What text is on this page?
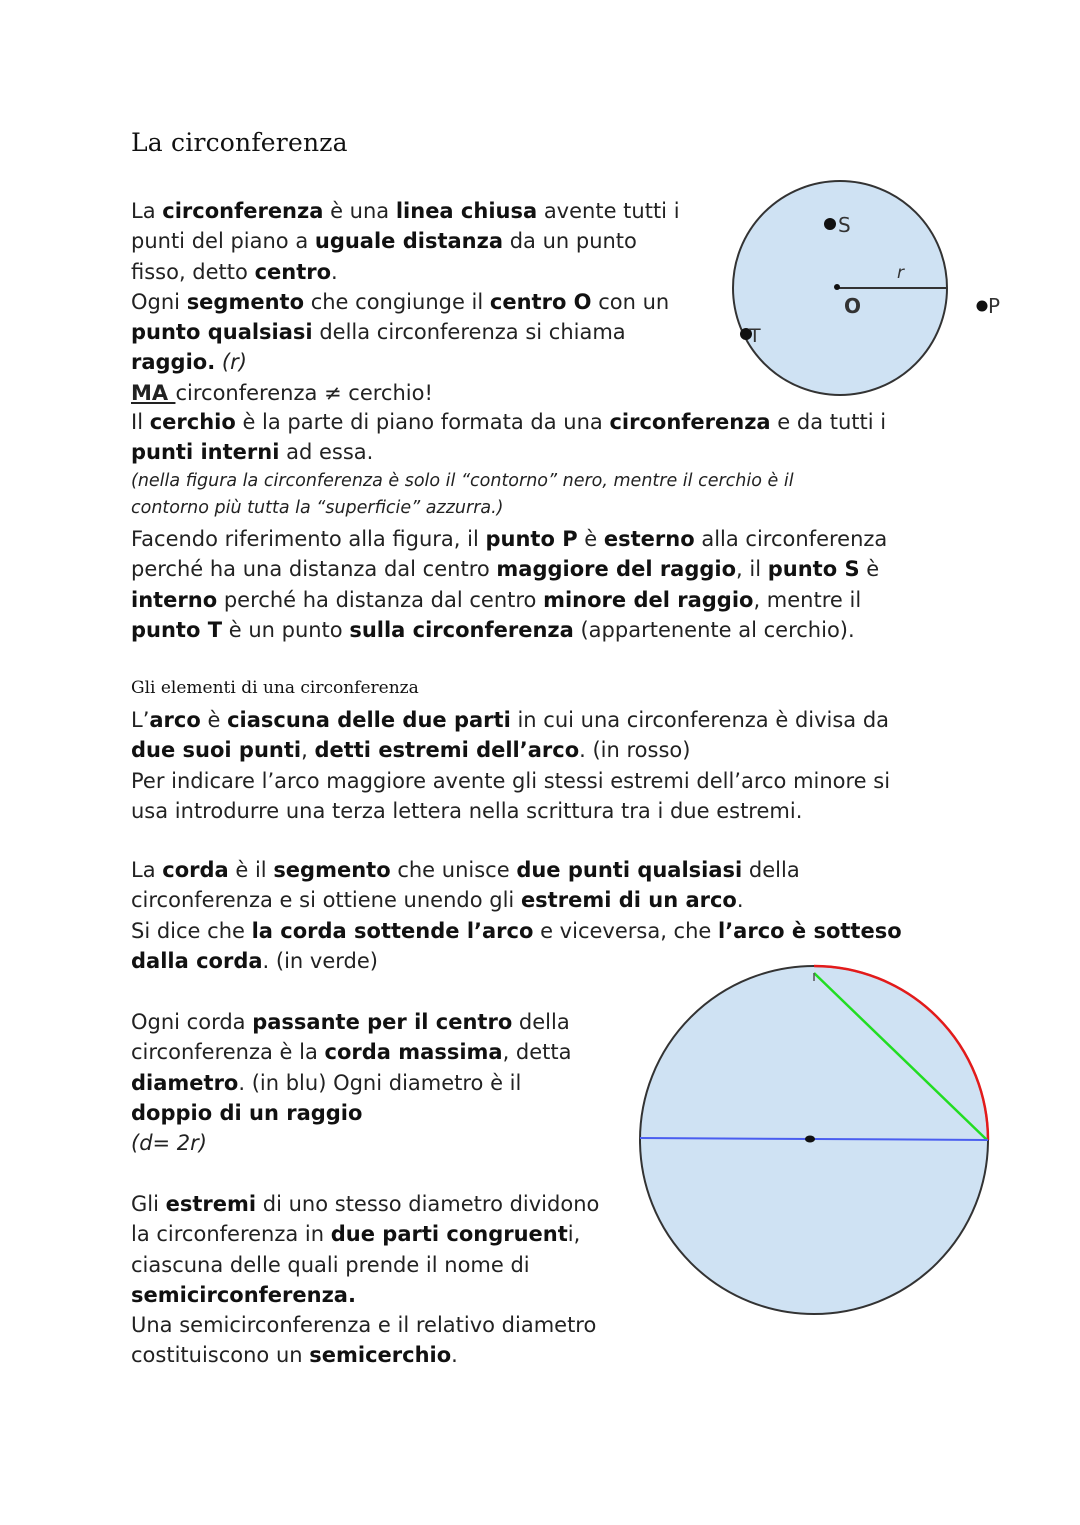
La circonferenza
La circonferenza è una linea chiusa avente tutti i
punti del piano a uguale distanza da un punto
fisso, detto centro.
Ogni segmento che congiunge il centro O con un
punto qualsiasi della circonferenza si chiama
raggio. (r)
MA circonferenza ≠ cerchio!
Il cerchio è la parte di piano formata da una circonferenza e da tutti i
punti interni ad essa.
(nella figura la circonferenza è solo il “contorno” nero, mentre il cerchio è il
contorno più tutta la “superficie” azzurra.)
Facendo riferimento alla figura, il punto P è esterno alla circonferenza
perché ha una distanza dal centro maggiore del raggio, il punto S è
interno perché ha distanza dal centro minore del raggio, mentre il
punto T è un punto sulla circonferenza (appartenente al cerchio).
Gli elementi di una circonferenza
L’arco è ciascuna delle due parti in cui una circonferenza è divisa da
due suoi punti, detti estremi dell’arco. (in rosso)
Per indicare l’arco maggiore avente gli stessi estremi dell’arco minore si
usa introdurre una terza lettera nella scrittura tra i due estremi.
La corda è il segmento che unisce due punti qualsiasi della
circonferenza e si ottiene unendo gli estremi di un arco.
Si dice che la corda sottende l’arco e viceversa, che l’arco è sotteso
dalla corda. (in verde)
Ogni corda passante per il centro della
circonferenza è la corda massima, detta
diametro. (in blu) Ogni diametro è il
doppio di un raggio
(d= 2r)
Gli estremi di uno stesso diametro dividono
la circonferenza in due parti congruenti,
ciascuna delle quali prende il nome di
semicirconferenza.
Una semicirconferenza e il relativo diametro
costituiscono un semicerchio.
S
r
O	P
T
